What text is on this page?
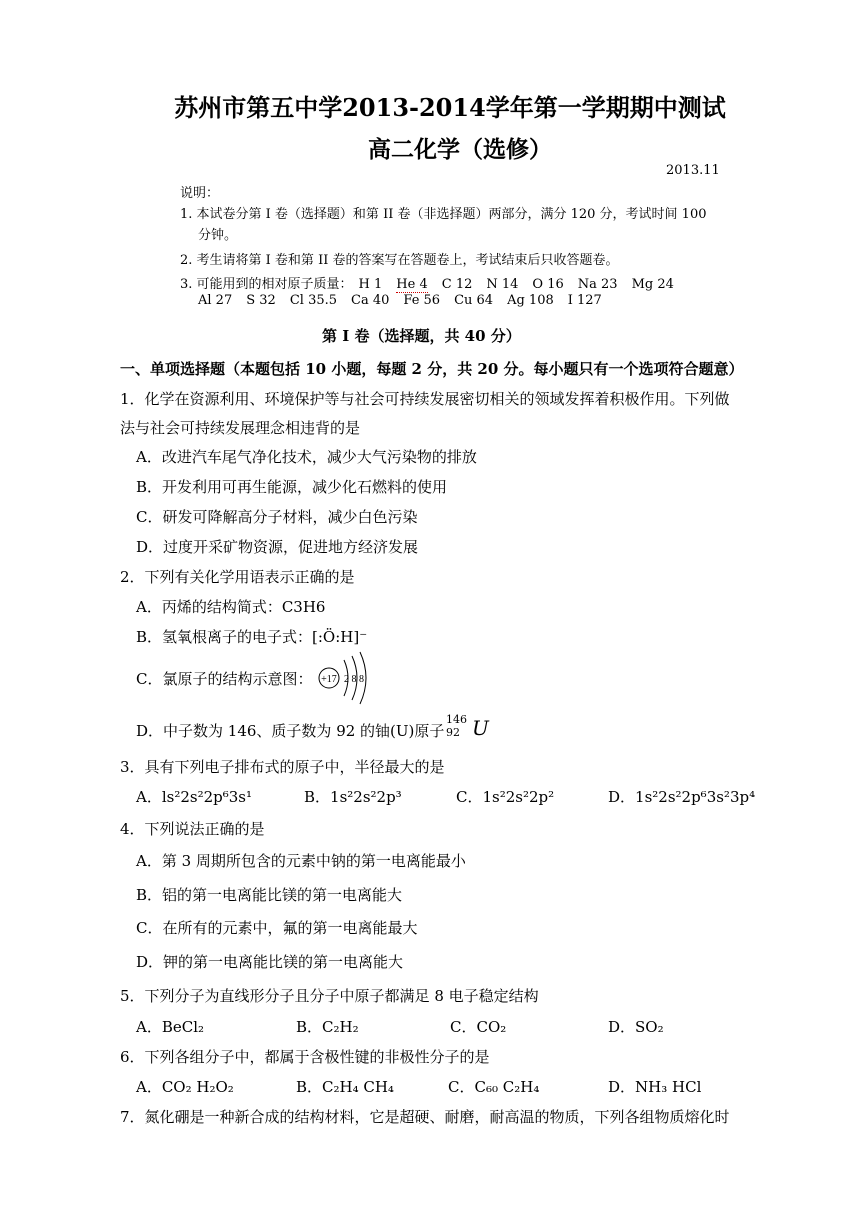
苏州市第五中学2013-2014学年第一学期期中测试
高二化学（选修）
2013.11
说明：
1. 本试卷分第 I 卷（选择题）和第 II 卷（非选择题）两部分，满分 120 分，考试时间 100
分钟。
2. 考生请将第 I 卷和第 II 卷的答案写在答题卷上，考试结束后只收答题卷。
3. 可能用到的相对原子质量： H 1 He 4 C 12 N 14 O 16 Na 23 Mg 24
Al 27 S 32 Cl 35.5 Ca 40 Fe 56 Cu 64 Ag 108 I 127
第 I 卷（选择题，共 40 分）
一、单项选择题（本题包括 10 小题，每题 2 分，共 20 分。每小题只有一个选项符合题意）
1．化学在资源利用、环境保护等与社会可持续发展密切相关的领域发挥着积极作用。下列做
法与社会可持续发展理念相违背的是
A．改进汽车尾气净化技术，减少大气污染物的排放
B．开发利用可再生能源，减少化石燃料的使用
C．研发可降解高分子材料，减少白色污染
D．过度开采矿物资源，促进地方经济发展
2．下列有关化学用语表示正确的是
A．丙烯的结构简式：C3H6
B．氢氧根离子的电子式：[:Ö:H]⁻
C．氯原子的结构示意图： +17 2 8 8
D．中子数为 146、质子数为 92 的铀(U)原子
146
92 U
3．具有下列电子排布式的原子中，半径最大的是
A．ls²2s²2p⁶3s¹	B．1s²2s²2p³	C．1s²2s²2p²	D．1s²2s²2p⁶3s²3p⁴
4．下列说法正确的是
A．第 3 周期所包含的元素中钠的第一电离能最小
B．铝的第一电离能比镁的第一电离能大
C．在所有的元素中，氟的第一电离能最大
D．钾的第一电离能比镁的第一电离能大
5．下列分子为直线形分子且分子中原子都满足 8 电子稳定结构
A．BeCl₂	B．C₂H₂	C．CO₂	D．SO₂
6．下列各组分子中，都属于含极性键的非极性分子的是
A．CO₂ H₂O₂	B．C₂H₄ CH₄	C．C₆₀ C₂H₄	D．NH₃ HCl
7．氮化硼是一种新合成的结构材料，它是超硬、耐磨，耐高温的物质，下列各组物质熔化时
